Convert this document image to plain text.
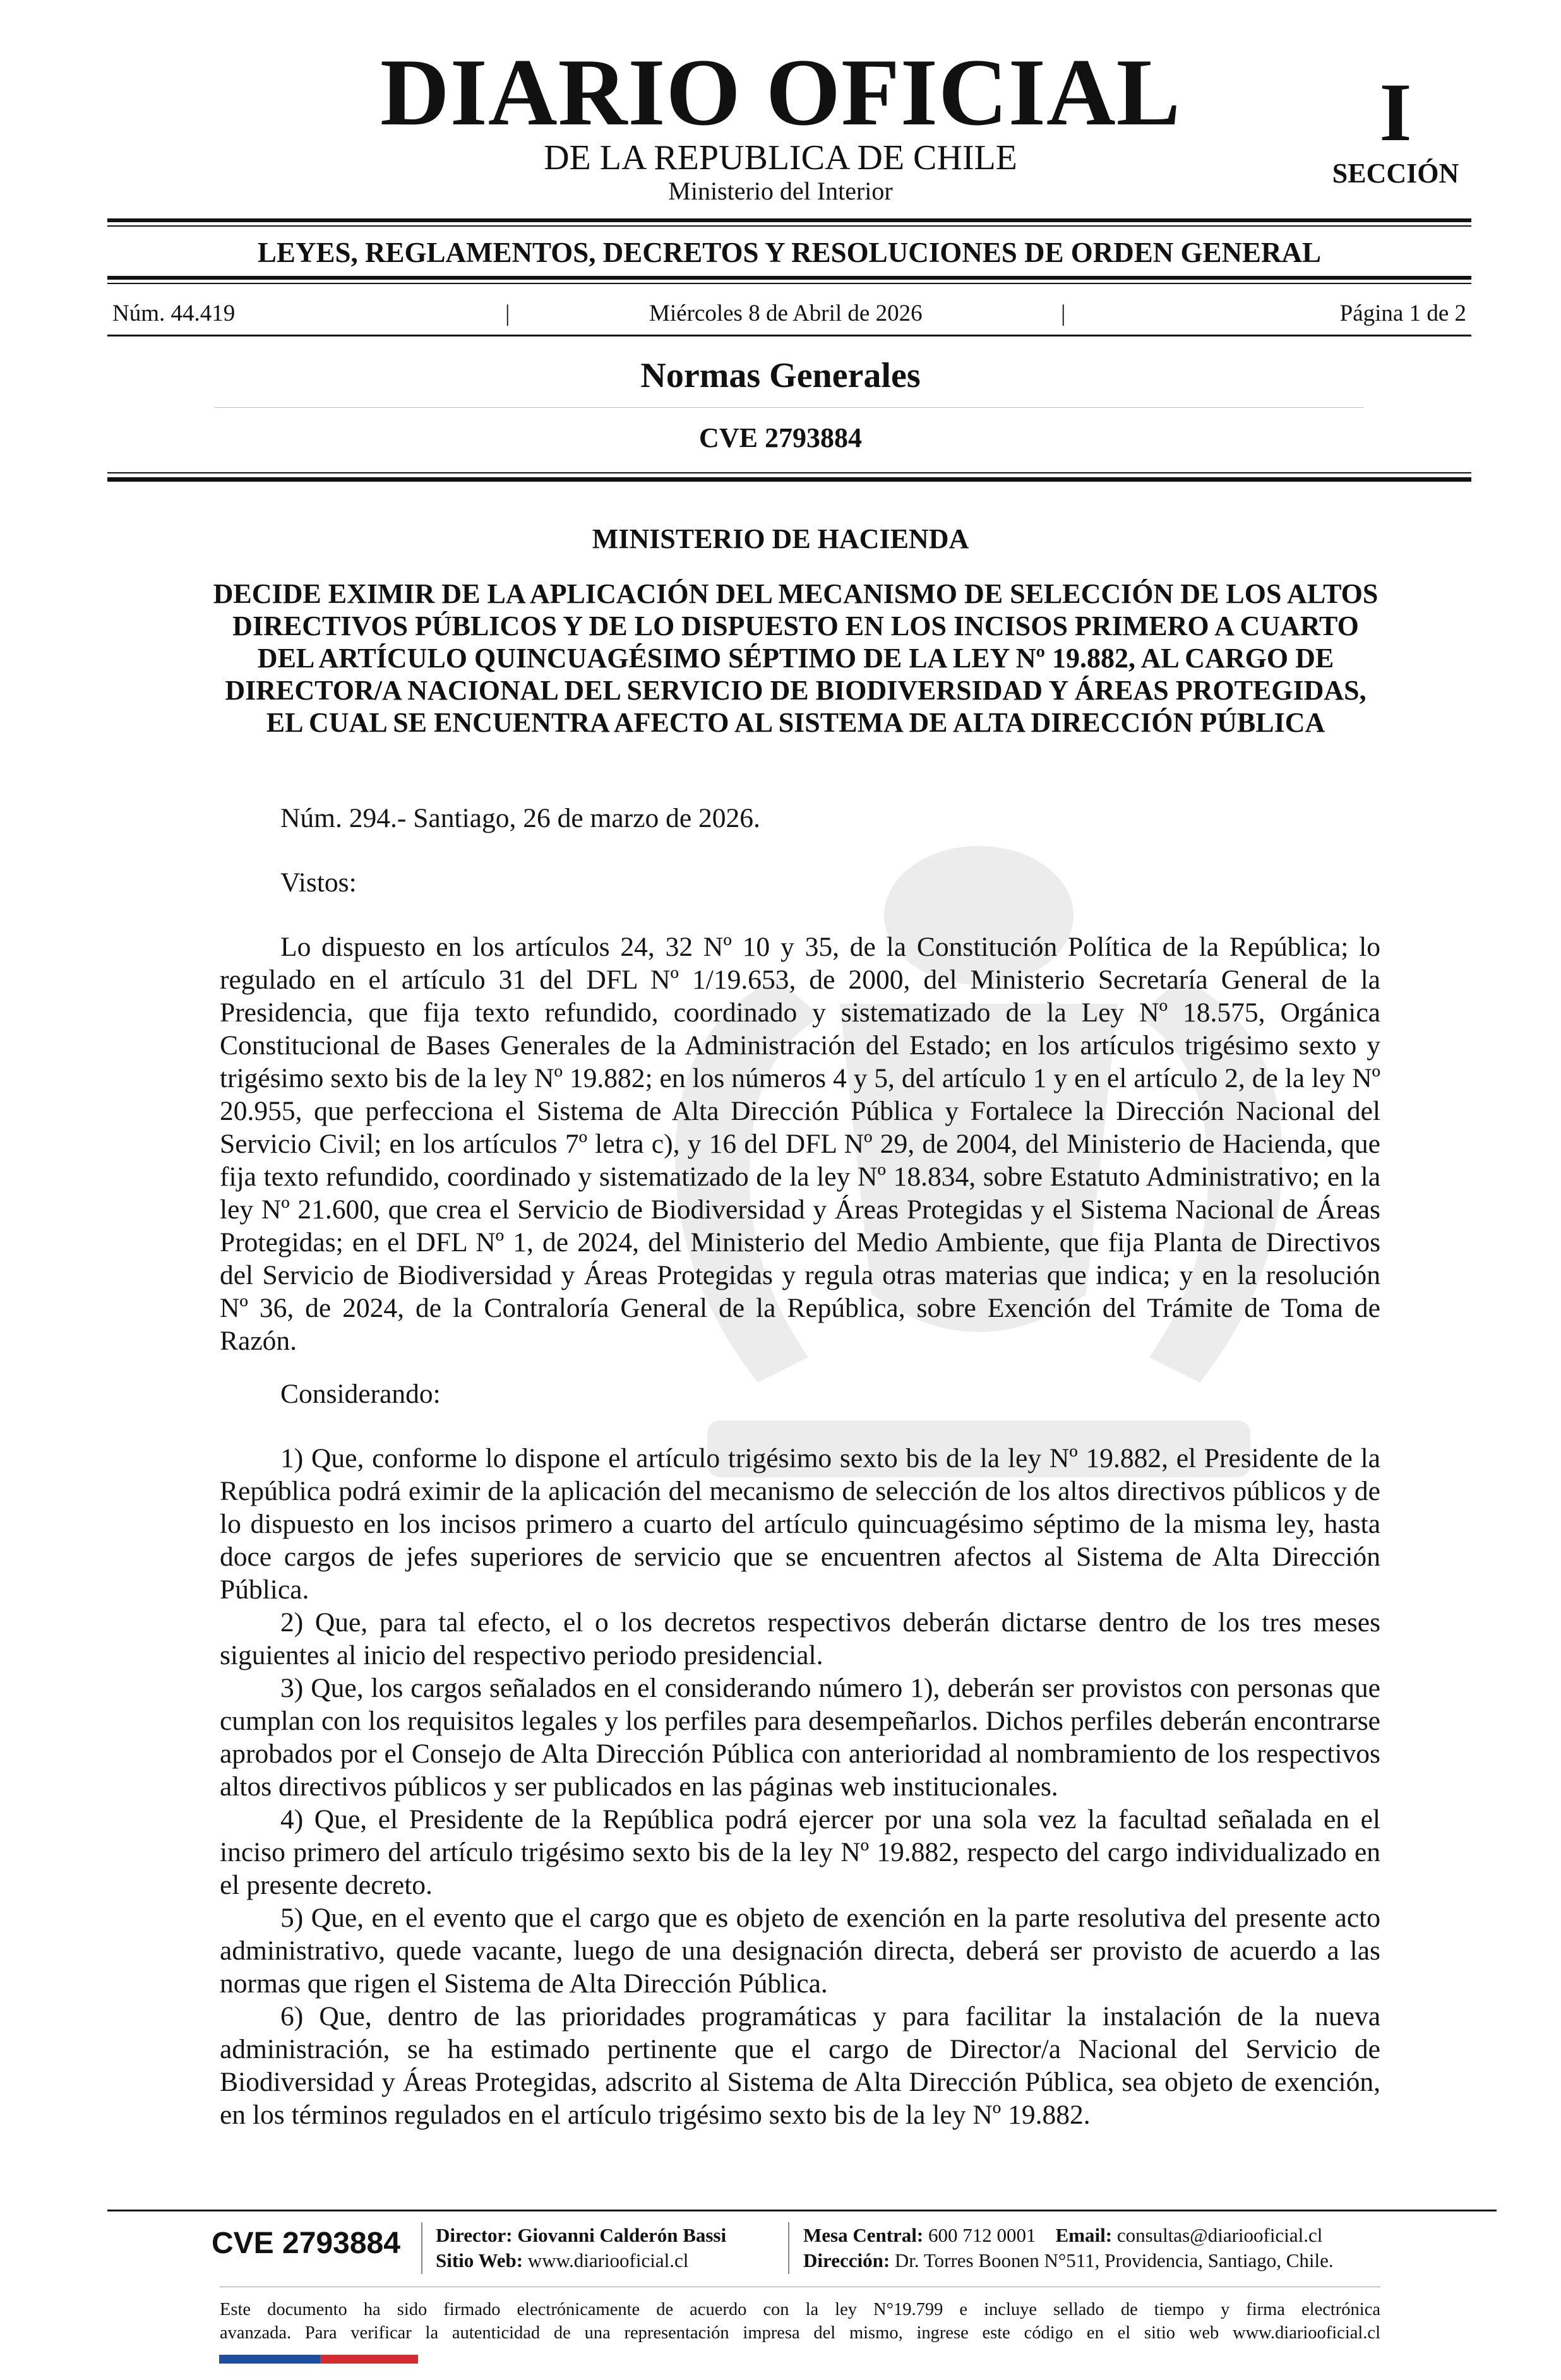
DIARIO OFICIAL
DE LA REPUBLICA DE CHILE
Ministerio del Interior
I
SECCIÓN
LEYES, REGLAMENTOS, DECRETOS Y RESOLUCIONES DE ORDEN GENERAL
Núm. 44.419	|	Miércoles 8 de Abril de 2026	|	Página 1 de 2
Normas Generales
CVE 2793884
MINISTERIO DE HACIENDA
DECIDE EXIMIR DE LA APLICACIÓN DEL MECANISMO DE SELECCIÓN DE LOS ALTOS DIRECTIVOS PÚBLICOS Y DE LO DISPUESTO EN LOS INCISOS PRIMERO A CUARTO DEL ARTÍCULO QUINCUAGÉSIMO SÉPTIMO DE LA LEY Nº 19.882, AL CARGO DE DIRECTOR/A NACIONAL DEL SERVICIO DE BIODIVERSIDAD Y ÁREAS PROTEGIDAS, EL CUAL SE ENCUENTRA AFECTO AL SISTEMA DE ALTA DIRECCIÓN PÚBLICA

Núm. 294.- Santiago, 26 de marzo de 2026.

Vistos:

Lo dispuesto en los artículos 24, 32 Nº 10 y 35, de la Constitución Política de la República; lo regulado en el artículo 31 del DFL Nº 1/19.653, de 2000, del Ministerio Secretaría General de la Presidencia, que fija texto refundido, coordinado y sistematizado de la Ley Nº 18.575, Orgánica Constitucional de Bases Generales de la Administración del Estado; en los artículos trigésimo sexto y trigésimo sexto bis de la ley Nº 19.882; en los números 4 y 5, del artículo 1 y en el artículo 2, de la ley Nº 20.955, que perfecciona el Sistema de Alta Dirección Pública y Fortalece la Dirección Nacional del Servicio Civil; en los artículos 7º letra c), y 16 del DFL Nº 29, de 2004, del Ministerio de Hacienda, que fija texto refundido, coordinado y sistematizado de la ley Nº 18.834, sobre Estatuto Administrativo; en la ley Nº 21.600, que crea el Servicio de Biodiversidad y Áreas Protegidas y el Sistema Nacional de Áreas Protegidas; en el DFL Nº 1, de 2024, del Ministerio del Medio Ambiente, que fija Planta de Directivos del Servicio de Biodiversidad y Áreas Protegidas y regula otras materias que indica; y en la resolución Nº 36, de 2024, de la Contraloría General de la República, sobre Exención del Trámite de Toma de Razón.

Considerando:

1) Que, conforme lo dispone el artículo trigésimo sexto bis de la ley Nº 19.882, el Presidente de la República podrá eximir de la aplicación del mecanismo de selección de los altos directivos públicos y de lo dispuesto en los incisos primero a cuarto del artículo quincuagésimo séptimo de la misma ley, hasta doce cargos de jefes superiores de servicio que se encuentren afectos al Sistema de Alta Dirección Pública.

2) Que, para tal efecto, el o los decretos respectivos deberán dictarse dentro de los tres meses siguientes al inicio del respectivo periodo presidencial.

3) Que, los cargos señalados en el considerando número 1), deberán ser provistos con personas que cumplan con los requisitos legales y los perfiles para desempeñarlos. Dichos perfiles deberán encontrarse aprobados por el Consejo de Alta Dirección Pública con anterioridad al nombramiento de los respectivos altos directivos públicos y ser publicados en las páginas web institucionales.

4) Que, el Presidente de la República podrá ejercer por una sola vez la facultad señalada en el inciso primero del artículo trigésimo sexto bis de la ley Nº 19.882, respecto del cargo individualizado en el presente decreto.

5) Que, en el evento que el cargo que es objeto de exención en la parte resolutiva del presente acto administrativo, quede vacante, luego de una designación directa, deberá ser provisto de acuerdo a las normas que rigen el Sistema de Alta Dirección Pública.

6) Que, dentro de las prioridades programáticas y para facilitar la instalación de la nueva administración, se ha estimado pertinente que el cargo de Director/a Nacional del Servicio de Biodiversidad y Áreas Protegidas, adscrito al Sistema de Alta Dirección Pública, sea objeto de exención, en los términos regulados en el artículo trigésimo sexto bis de la ley Nº 19.882.

CVE 2793884 Director: Giovanni Calderón Bassi
Sitio Web: www.diariooficial.cl
Mesa Central: 600 712 0001 Email: consultas@diariooficial.cl
Dirección: Dr. Torres Boonen N°511, Providencia, Santiago, Chile.
Este documento ha sido firmado electrónicamente de acuerdo con la ley N°19.799 e incluye sellado de tiempo y firma electrónica
avanzada. Para verificar la autenticidad de una representación impresa del mismo, ingrese este código en el sitio web www.diariooficial.cl
